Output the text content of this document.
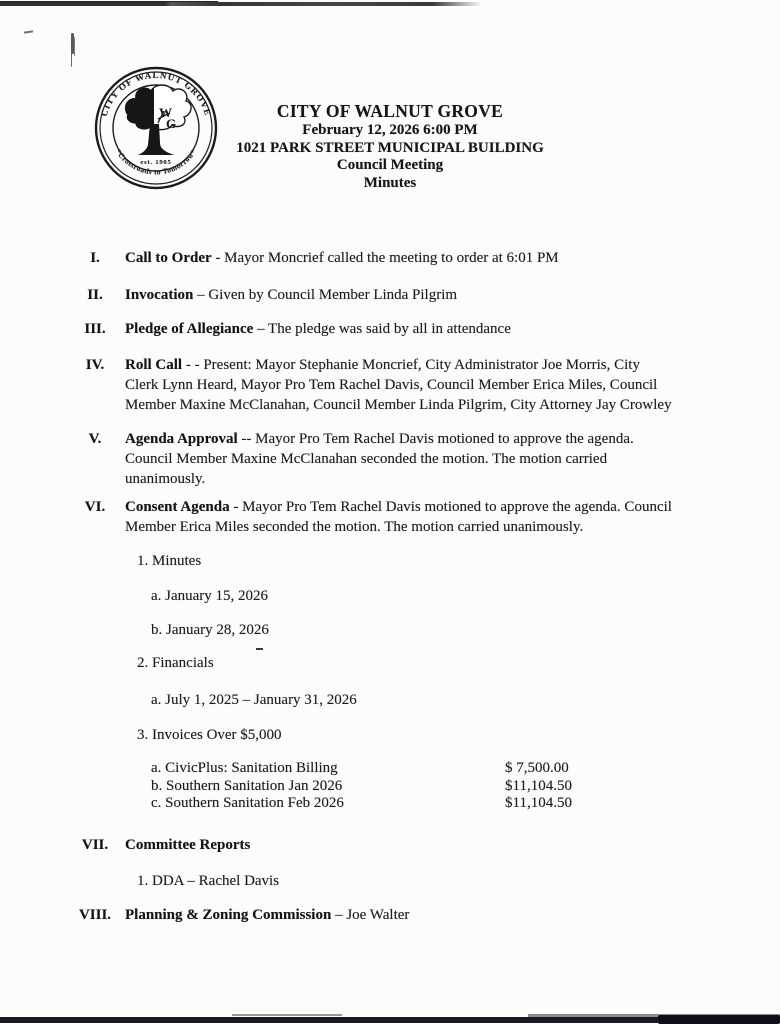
CITY OF WALNUT GROVE
*Crossroads to Tomorrow*
W
G
est. 1905
CITY OF WALNUT GROVE
February 12, 2026 6:00 PM
1021 PARK STREET MUNICIPAL BUILDING
Council Meeting
Minutes
I.	Call to Order - Mayor Moncrief called the meeting to order at 6:01 PM
II.	Invocation – Given by Council Member Linda Pilgrim
III.	Pledge of Allegiance – The pledge was said by all in attendance
IV.	Roll Call - - Present: Mayor Stephanie Moncrief, City Administrator Joe Morris, City
Clerk Lynn Heard, Mayor Pro Tem Rachel Davis, Council Member Erica Miles, Council
Member Maxine McClanahan, Council Member Linda Pilgrim, City Attorney Jay Crowley
V.	Agenda Approval -- Mayor Pro Tem Rachel Davis motioned to approve the agenda.
Council Member Maxine McClanahan seconded the motion. The motion carried
unanimously.
VI.	Consent Agenda - Mayor Pro Tem Rachel Davis motioned to approve the agenda. Council
Member Erica Miles seconded the motion. The motion carried unanimously.
1. Minutes
a. January 15, 2026
b. January 28, 2026
2. Financials
a. July 1, 2025 – January 31, 2026
3. Invoices Over $5,000
a. CivicPlus: Sanitation Billing	$ 7,500.00
b. Southern Sanitation Jan 2026	$11,104.50
c. Southern Sanitation Feb 2026	$11,104.50
VII.	Committee Reports
1. DDA – Rachel Davis
VIII. Planning & Zoning Commission – Joe Walter
